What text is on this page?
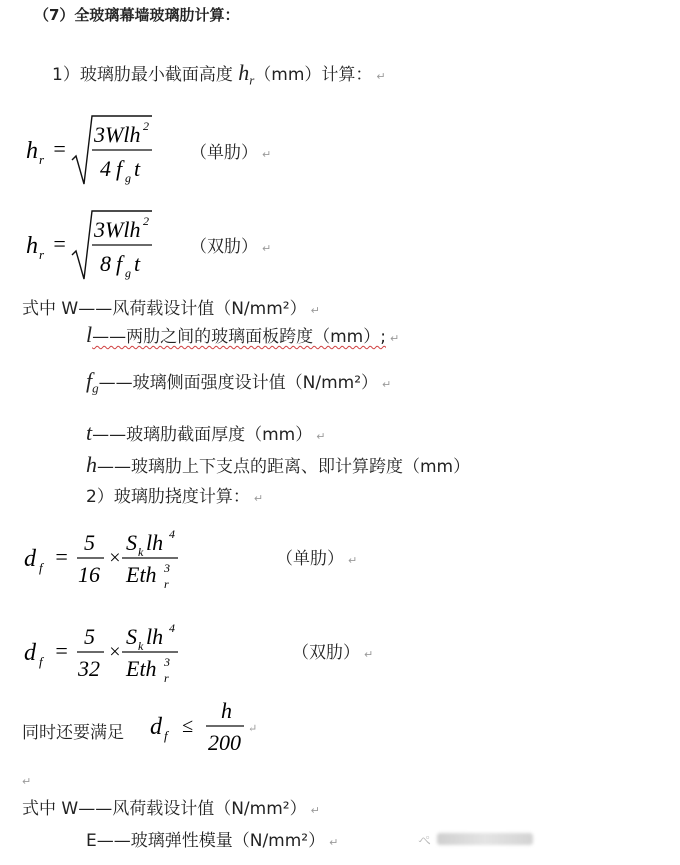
（7）全玻璃幕墙玻璃肋计算：
1）玻璃肋最小截面高度 $h_r(mm)$计算： ↵
h r =
3Wlh 2
4 f g t
（单肋） ↵
h r =
3Wlh 2
8 f g t
（双肋） ↵
式中 W——风荷载设计值（N/mm²） ↵
l——两肋之间的玻璃面板跨度（mm）; ↵
$f_g——$玻璃侧面强度设计值（N/mm²） ↵
t——玻璃肋截面厚度（mm） ↵
h——玻璃肋上下支点的距离、即计算跨度（mm）
2）玻璃肋挠度计算： ↵
d f =
5
16
×
S k lh 4
Eth r
3	（单肋） ↵
d f =
5
32
×
S k lh 4
Eth r
3	（双肋） ↵
同时还要满足 d f ≤
h
200
↵
↵
式中 W——风荷载设计值（N/mm²） ↵
E——玻璃弹性模量（N/mm²） ↵	ペ
